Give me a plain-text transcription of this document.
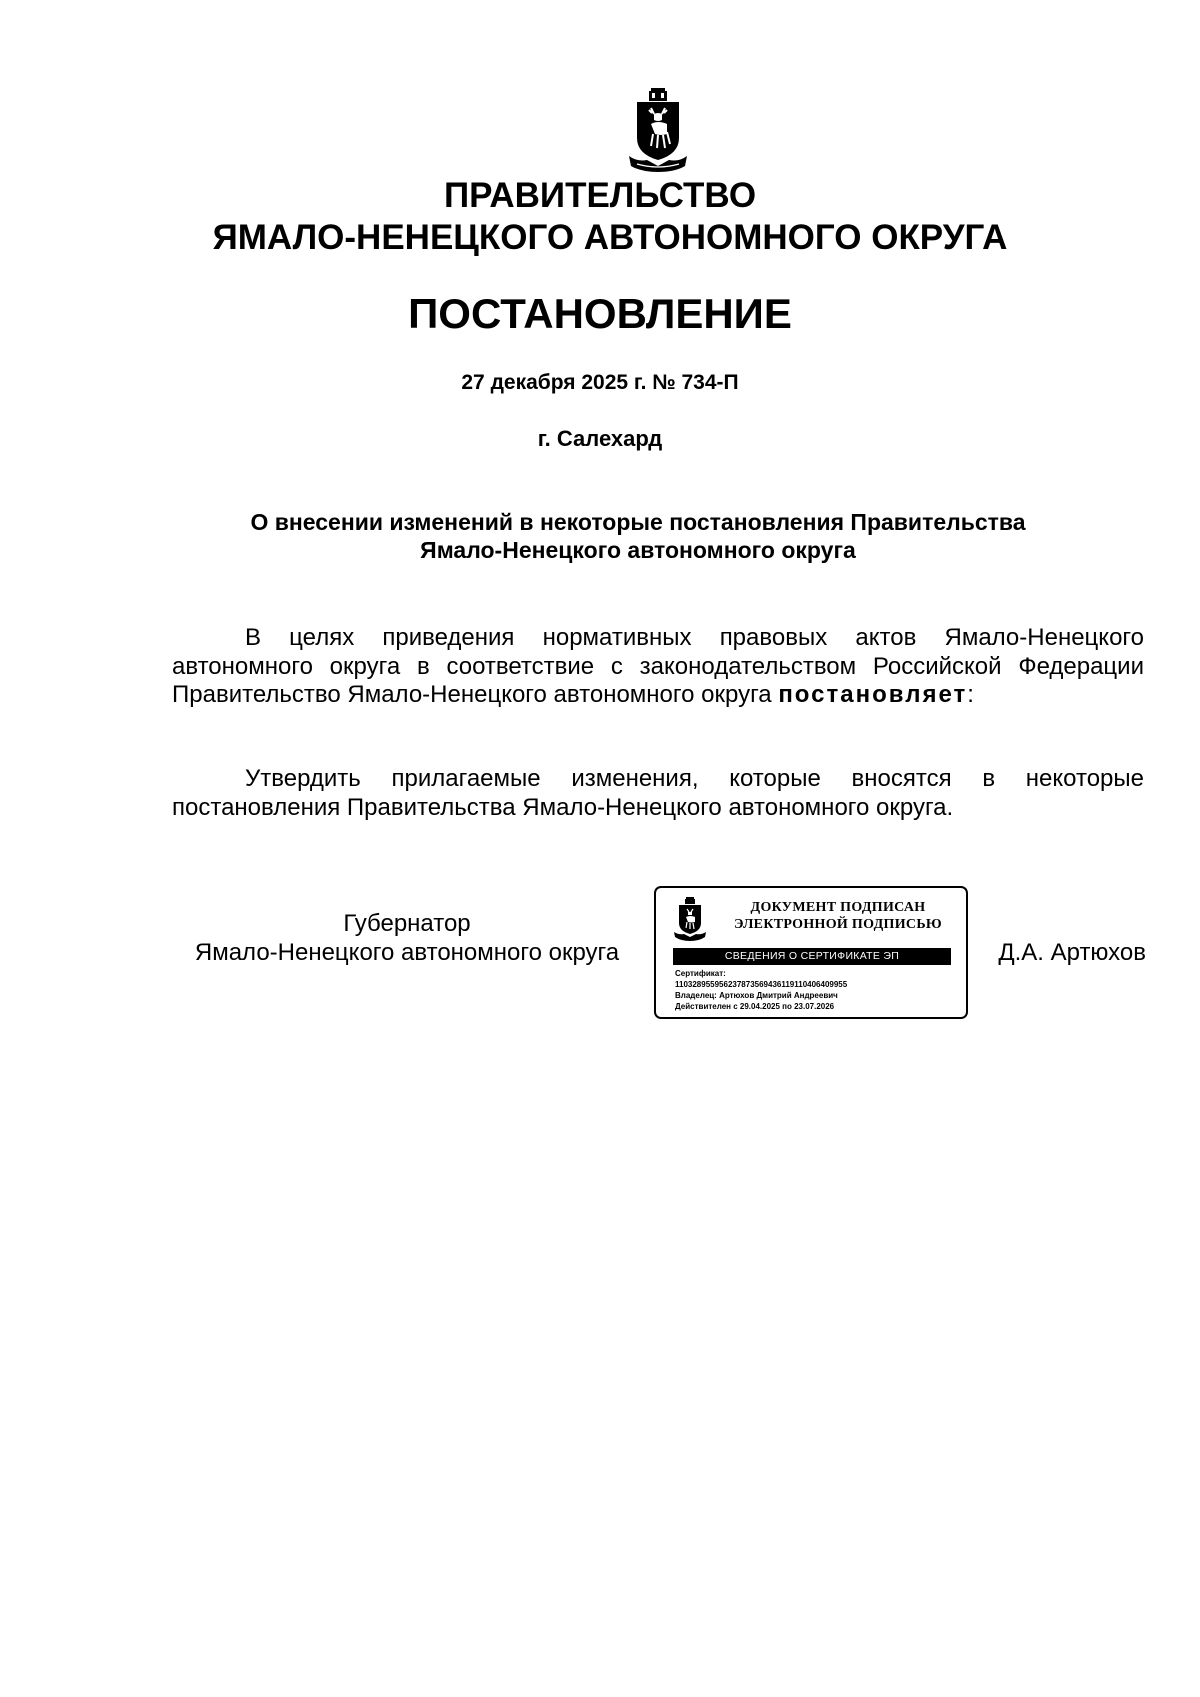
ПРАВИТЕЛЬСТВО
ЯМАЛО-НЕНЕЦКОГО АВТОНОМНОГО ОКРУГА
ПОСТАНОВЛЕНИЕ
27 декабря 2025 г. № 734-П
г. Салехард
О внесении изменений в некоторые постановления Правительства
Ямало-Ненецкого автономного округа
В целях приведения нормативных правовых актов Ямало-Ненецкого автономного округа в соответствие с законодательством Российской Федерации Правительство Ямало-Ненецкого автономного округа постановляет:
Утвердить прилагаемые изменения, которые вносятся в некоторые постановления Правительства Ямало-Ненецкого автономного округа.
Губернатор
Ямало-Ненецкого автономного округа
ДОКУМЕНТ ПОДПИСАН
ЭЛЕКТРОННОЙ ПОДПИСЬЮ
СВЕДЕНИЯ О СЕРТИФИКАТЕ ЭП
Сертификат:
110328955956237873569436119110406409955
Владелец: Артюхов Дмитрий Андреевич
Действителен с 29.04.2025 по 23.07.2026
Д.А. Артюхов
